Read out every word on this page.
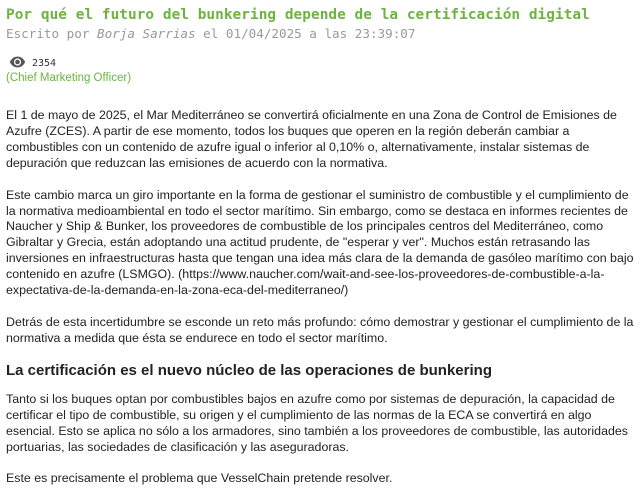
Por qué el futuro del bunkering depende de la certificación digital
Escrito por Borja Sarrias el 01/04/2025 a las 23:39:07
2354
(Chief Marketing Officer)

El 1 de mayo de 2025, el Mar Mediterráneo se convertirá oficialmente en una Zona de Control de Emisiones de Azufre (ZCES). A partir de ese momento, todos los buques que operen en la región deberán cambiar a combustibles con un contenido de azufre igual o inferior al 0,10% o, alternativamente, instalar sistemas de depuración que reduzcan las emisiones de acuerdo con la normativa.

Este cambio marca un giro importante en la forma de gestionar el suministro de combustible y el cumplimiento de la normativa medioambiental en todo el sector marítimo. Sin embargo, como se destaca en informes recientes de Naucher y Ship & Bunker, los proveedores de combustible de los principales centros del Mediterráneo, como Gibraltar y Grecia, están adoptando una actitud prudente, de "esperar y ver". Muchos están retrasando las inversiones en infraestructuras hasta que tengan una idea más clara de la demanda de gasóleo marítimo con bajo contenido en azufre (LSMGO). (https://www.naucher.com/wait-and-see-los-proveedores-de-combustible-a-la-expectativa-de-la-demanda-en-la-zona-eca-del-mediterraneo/)

Detrás de esta incertidumbre se esconde un reto más profundo: cómo demostrar y gestionar el cumplimiento de la normativa a medida que ésta se endurece en todo el sector marítimo.

La certificación es el nuevo núcleo de las operaciones de bunkering

Tanto si los buques optan por combustibles bajos en azufre como por sistemas de depuración, la capacidad de certificar el tipo de combustible, su origen y el cumplimiento de las normas de la ECA se convertirá en algo esencial. Esto se aplica no sólo a los armadores, sino también a los proveedores de combustible, las autoridades portuarias, las sociedades de clasificación y las aseguradoras.

Este es precisamente el problema que VesselChain pretende resolver.
